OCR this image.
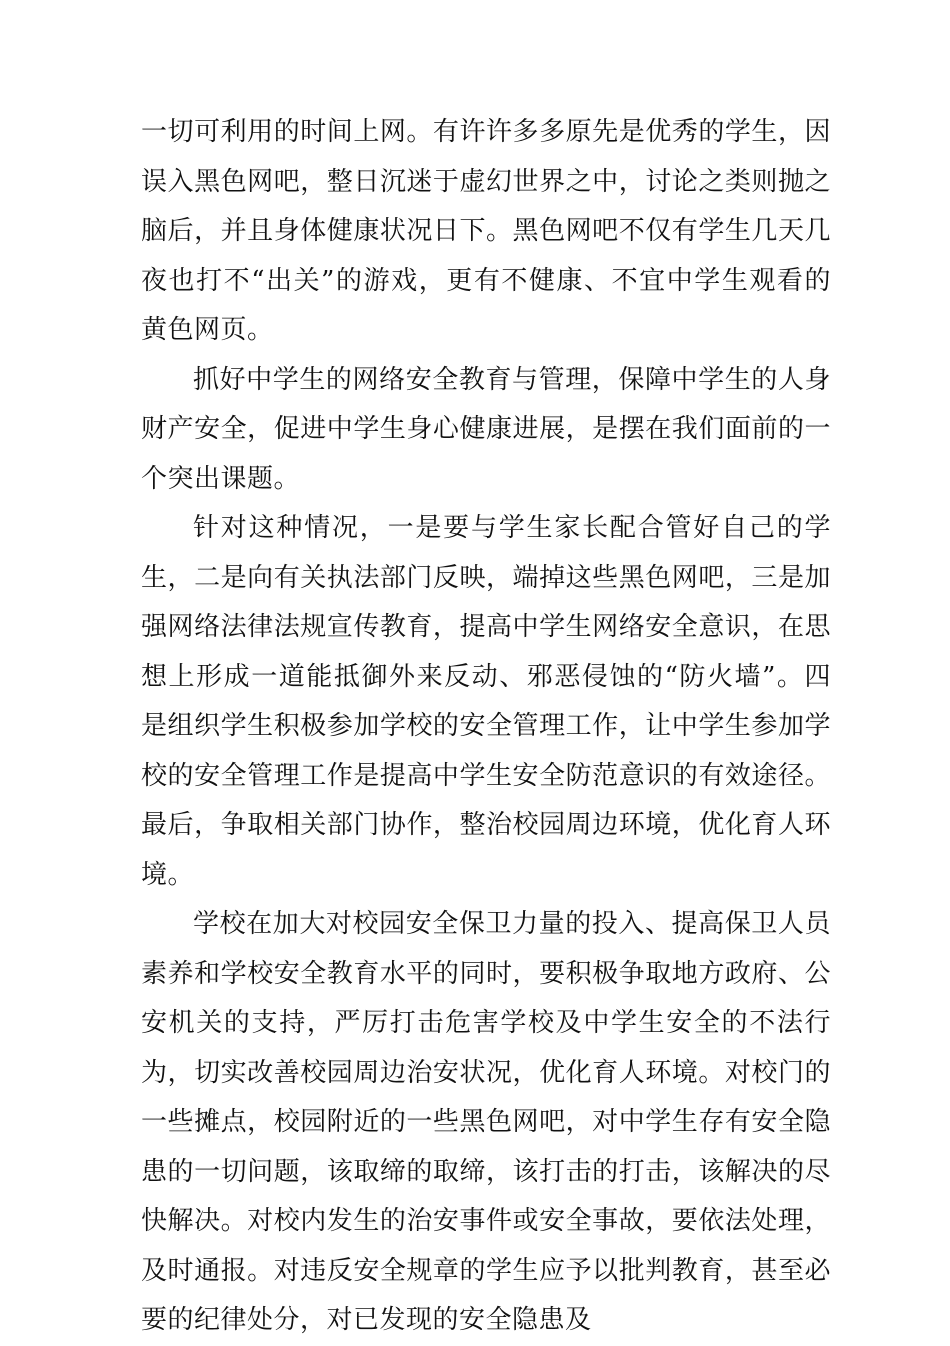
一切可利用的时间上网。有许许多多原先是优秀的学生，因误入黑色网吧，整日沉迷于虚幻世界之中，讨论之类则抛之脑后，并且身体健康状况日下。黑色网吧不仅有学生几天几夜也打不“出关”的游戏，更有不健康、不宜中学生观看的黄色网页。

抓好中学生的网络安全教育与管理，保障中学生的人身财产安全，促进中学生身心健康进展，是摆在我们面前的一个突出课题。

针对这种情况，一是要与学生家长配合管好自己的学生，二是向有关执法部门反映，端掉这些黑色网吧，三是加强网络法律法规宣传教育，提高中学生网络安全意识，在思想上形成一道能抵御外来反动、邪恶侵蚀的“防火墙”。四是组织学生积极参加学校的安全管理工作，让中学生参加学校的安全管理工作是提高中学生安全防范意识的有效途径。最后，争取相关部门协作，整治校园周边环境，优化育人环境。

学校在加大对校园安全保卫力量的投入、提高保卫人员素养和学校安全教育水平的同时，要积极争取地方政府、公安机关的支持，严厉打击危害学校及中学生安全的不法行为，切实改善校园周边治安状况，优化育人环境。对校门的一些摊点，校园附近的一些黑色网吧，对中学生存有安全隐患的一切问题，该取缔的取缔，该打击的打击，该解决的尽快解决。对校内发生的治安事件或安全事故，要依法处理，及时通报。对违反安全规章的学生应予以批判教育，甚至必要的纪律处分，对已发现的安全隐患及
